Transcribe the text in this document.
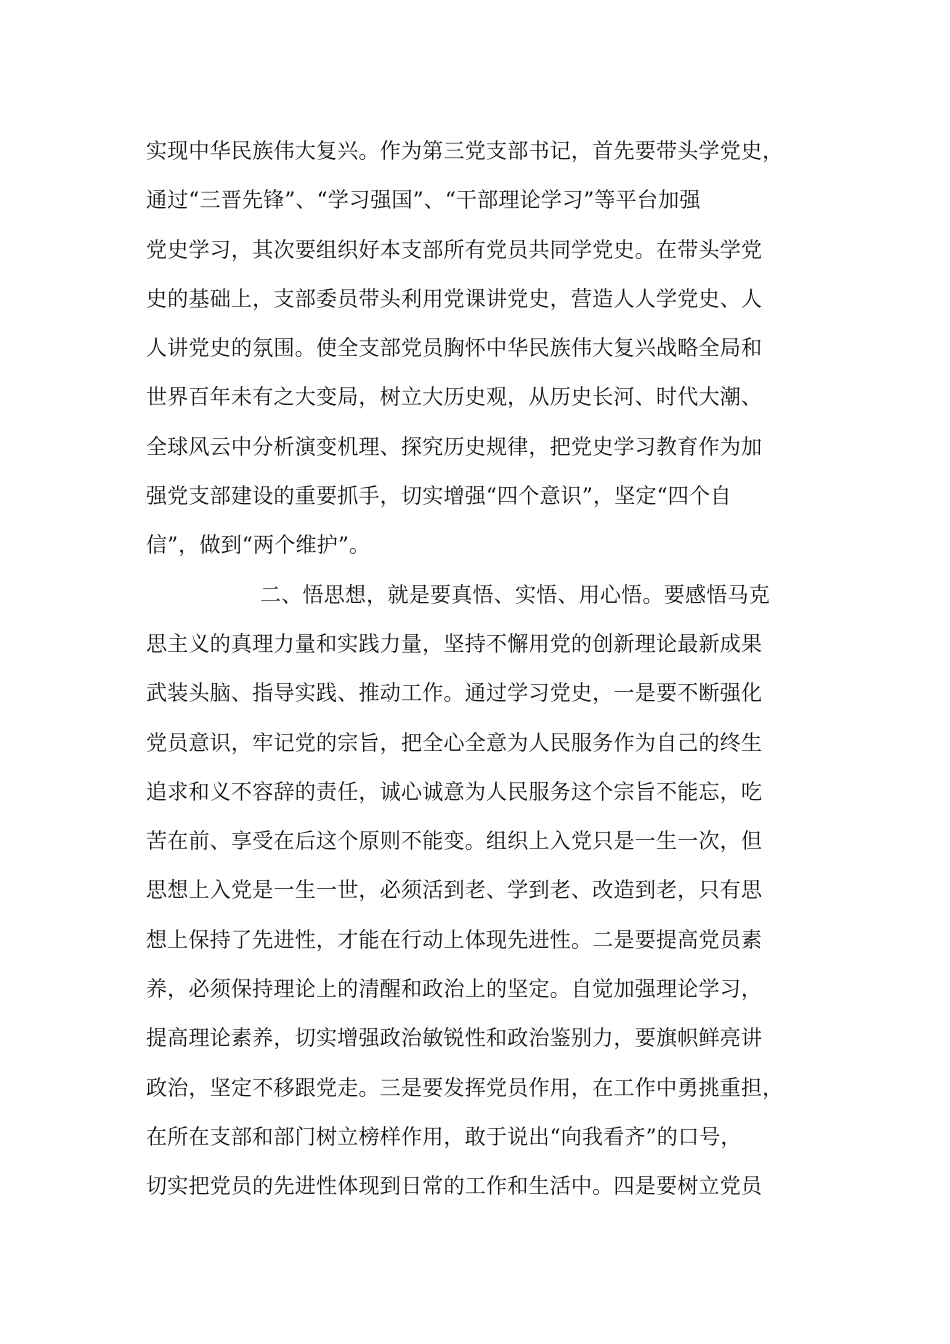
实现中华民族伟大复兴。作为第三党支部书记，首先要带头学党史，
通过“三晋先锋”、“学习强国”、“干部理论学习”等平台加强
党史学习，其次要组织好本支部所有党员共同学党史。在带头学党
史的基础上，支部委员带头利用党课讲党史，营造人人学党史、人
人讲党史的氛围。使全支部党员胸怀中华民族伟大复兴战略全局和
世界百年未有之大变局，树立大历史观，从历史长河、时代大潮、
全球风云中分析演变机理、探究历史规律，把党史学习教育作为加
强党支部建设的重要抓手，切实增强“四个意识”，坚定“四个自
信”，做到“两个维护”。
二、悟思想，就是要真悟、实悟、用心悟。要感悟马克
思主义的真理力量和实践力量，坚持不懈用党的创新理论最新成果
武装头脑、指导实践、推动工作。通过学习党史，一是要不断强化
党员意识，牢记党的宗旨，把全心全意为人民服务作为自己的终生
追求和义不容辞的责任，诚心诚意为人民服务这个宗旨不能忘，吃
苦在前、享受在后这个原则不能变。组织上入党只是一生一次，但
思想上入党是一生一世，必须活到老、学到老、改造到老，只有思
想上保持了先进性，才能在行动上体现先进性。二是要提高党员素
养，必须保持理论上的清醒和政治上的坚定。自觉加强理论学习，
提高理论素养，切实增强政治敏锐性和政治鉴别力，要旗帜鲜亮讲
政治，坚定不移跟党走。三是要发挥党员作用，在工作中勇挑重担，
在所在支部和部门树立榜样作用，敢于说出“向我看齐”的口号，
切实把党员的先进性体现到日常的工作和生活中。四是要树立党员
